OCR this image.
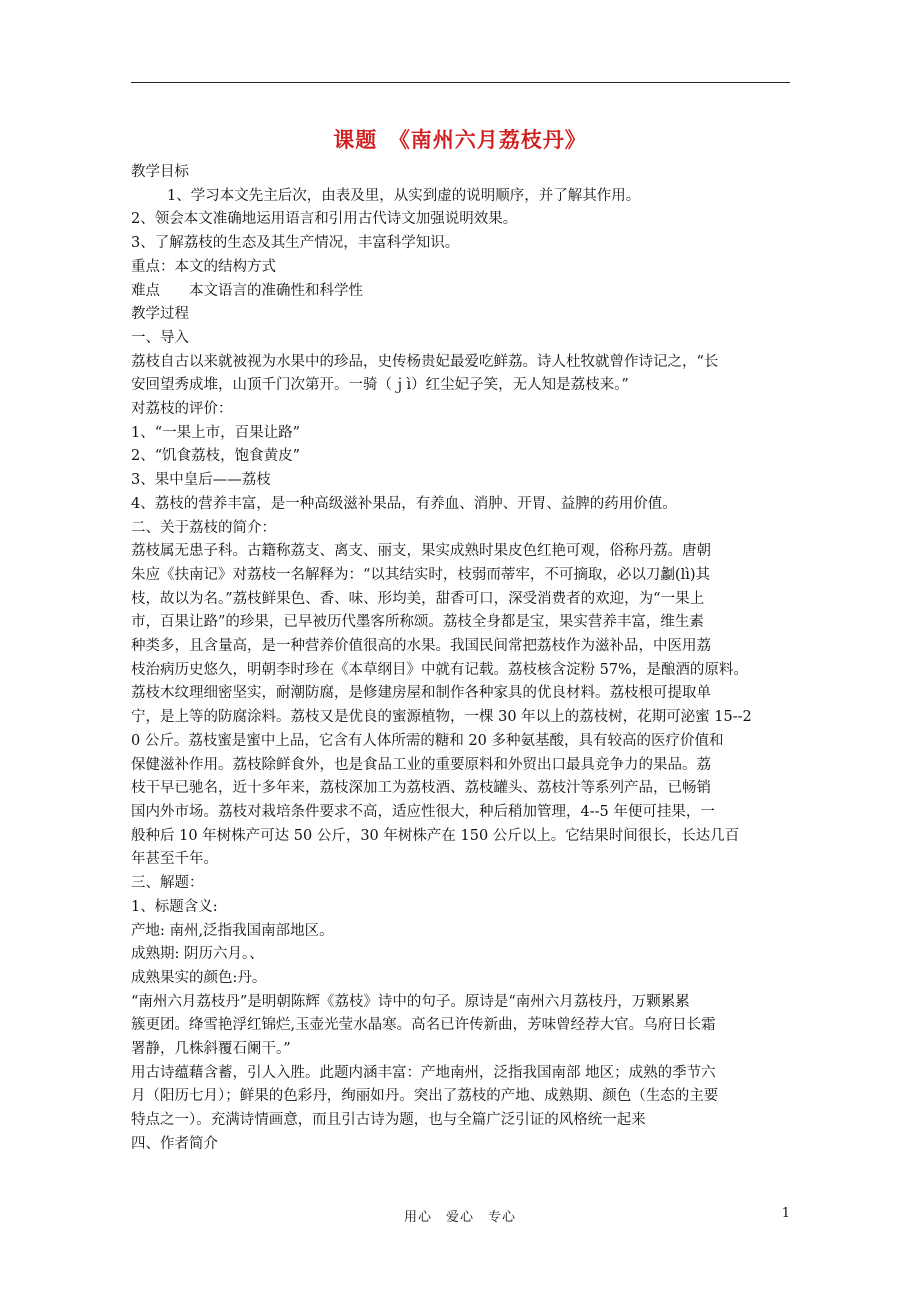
课题　《南州六月荔枝丹》

教学目标

1、学习本文先主后次，由表及里，从实到虚的说明顺序，并了解其作用。

2、领会本文准确地运用语言和引用古代诗文加强说明效果。

3、了解荔枝的生态及其生产情况，丰富科学知识。

重点：本文的结构方式

难点　　本文语言的准确性和科学性

教学过程

一、导入

荔枝自古以来就被视为水果中的珍品，史传杨贵妃最爱吃鲜荔。诗人杜牧就曾作诗记之，“长

安回望秀成堆，山顶千门次第开。一骑（ｊì）红尘妃子笑，无人知是荔枝来。”

对荔枝的评价：

1、“一果上市，百果让路”

2、“饥食荔枝，饱食黄皮”

3、果中皇后——荔枝

4、荔枝的营养丰富，是一种高级滋补果品，有养血、消肿、开胃、益脾的药用价值。

二、关于荔枝的简介：

荔枝属无患子科。古籍称荔支、离支、丽支，果实成熟时果皮色红艳可观，俗称丹荔。唐朝

朱应《扶南记》对荔枝一名解释为：“以其结实时，枝弱而蒂牢，不可摘取，必以刀劙(lì)其

枝，故以为名。”荔枝鲜果色、香、味、形均美，甜香可口，深受消费者的欢迎，为“一果上

市，百果让路”的珍果，已早被历代墨客所称颂。荔枝全身都是宝，果实营养丰富，维生素

种类多，且含量高，是一种营养价值很高的水果。我国民间常把荔枝作为滋补品，中医用荔

枝治病历史悠久，明朝李时珍在《本草纲目》中就有记载。荔枝核含淀粉 57%，是酿酒的原料。

荔枝木纹理细密坚实，耐潮防腐，是修建房屋和制作各种家具的优良材料。荔枝根可提取单

宁，是上等的防腐涂料。荔枝又是优良的蜜源植物，一棵 30 年以上的荔枝树，花期可泌蜜 15--2

0 公斤。荔枝蜜是蜜中上品，它含有人体所需的糖和 20 多种氨基酸，具有较高的医疗价值和

保健滋补作用。荔枝除鲜食外，也是食品工业的重要原料和外贸出口最具竞争力的果品。荔

枝干早已驰名，近十多年来，荔枝深加工为荔枝酒、荔枝罐头、荔枝汁等系列产品，已畅销

国内外市场。荔枝对栽培条件要求不高，适应性很大，种后稍加管理，4--5 年便可挂果，一

般种后 10 年树株产可达 50 公斤，30 年树株产在 150 公斤以上。它结果时间很长，长达几百

年甚至千年。

三、解题：

1、标题含义:

产地: 南州,泛指我国南部地区。

成熟期: 阴历六月。、

成熟果实的颜色:丹。

“南州六月荔枝丹”是明朝陈辉《荔枝》诗中的句子。原诗是“南州六月荔枝丹，万颗累累

簇更团。绛雪艳浮红锦烂,玉壶光莹水晶寒。高名已许传新曲，芳味曾经荐大官。乌府日长霜

署静，几株斜覆石阑干。”

用古诗蕴藉含蓄，引人入胜。此题内涵丰富：产地南州，泛指我国南部 地区；成熟的季节六

月（阳历七月）；鲜果的色彩丹，绚丽如丹。突出了荔枝的产地、成熟期、颜色（生态的主要

特点之一）。充满诗情画意，而且引古诗为题，也与全篇广泛引证的风格统一起来

四、作者简介

用心　爱心　专心	1
